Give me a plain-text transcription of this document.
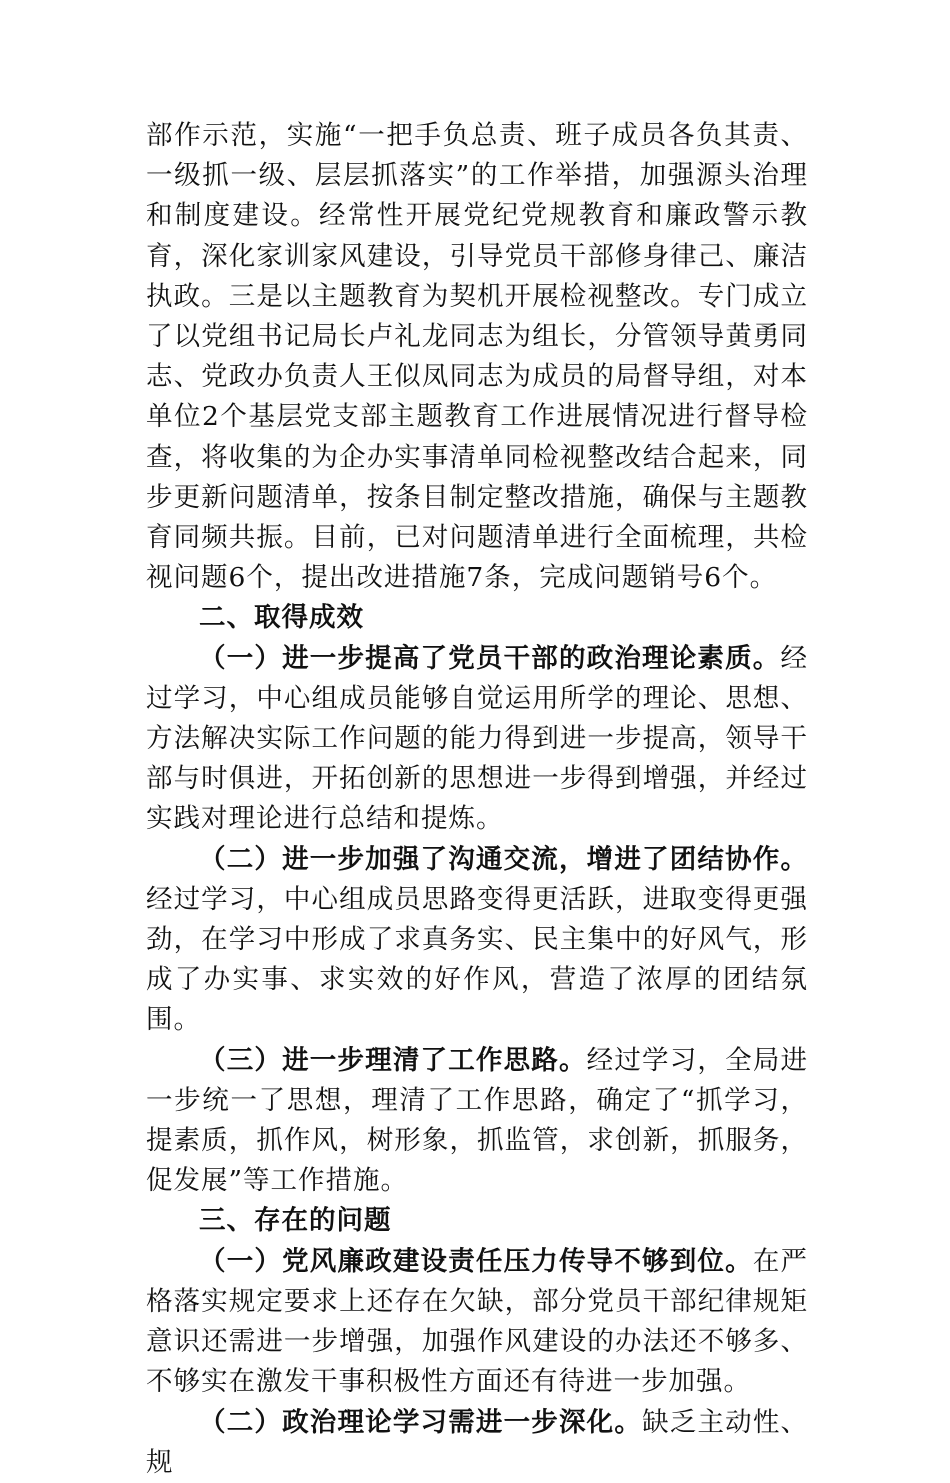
部作示范，实施“一把手负总责、班子成员各负其责、一级抓一级、层层抓落实”的工作举措，加强源头治理和制度建设。经常性开展党纪党规教育和廉政警示教育，深化家训家风建设，引导党员干部修身律己、廉洁执政。三是以主题教育为契机开展检视整改。专门成立了以党组书记局长卢礼龙同志为组长，分管领导黄勇同志、党政办负责人王似凤同志为成员的局督导组，对本单位2个基层党支部主题教育工作进展情况进行督导检查，将收集的为企办实事清单同检视整改结合起来，同步更新问题清单，按条目制定整改措施，确保与主题教育同频共振。目前，已对问题清单进行全面梳理，共检视问题6个，提出改进措施7条，完成问题销号6个。

二、取得成效

（一）进一步提高了党员干部的政治理论素质。经过学习，中心组成员能够自觉运用所学的理论、思想、方法解决实际工作问题的能力得到进一步提高，领导干部与时俱进，开拓创新的思想进一步得到增强，并经过实践对理论进行总结和提炼。

（二）进一步加强了沟通交流，增进了团结协作。经过学习，中心组成员思路变得更活跃，进取变得更强劲，在学习中形成了求真务实、民主集中的好风气，形成了办实事、求实效的好作风，营造了浓厚的团结氛围。

（三）进一步理清了工作思路。经过学习，全局进一步统一了思想，理清了工作思路，确定了“抓学习，提素质，抓作风，树形象，抓监管，求创新，抓服务，促发展”等工作措施。

三、存在的问题

（一）党风廉政建设责任压力传导不够到位。在严格落实规定要求上还存在欠缺，部分党员干部纪律规矩意识还需进一步增强，加强作风建设的办法还不够多、不够实在激发干事积极性方面还有待进一步加强。

（二）政治理论学习需进一步深化。缺乏主动性、规
